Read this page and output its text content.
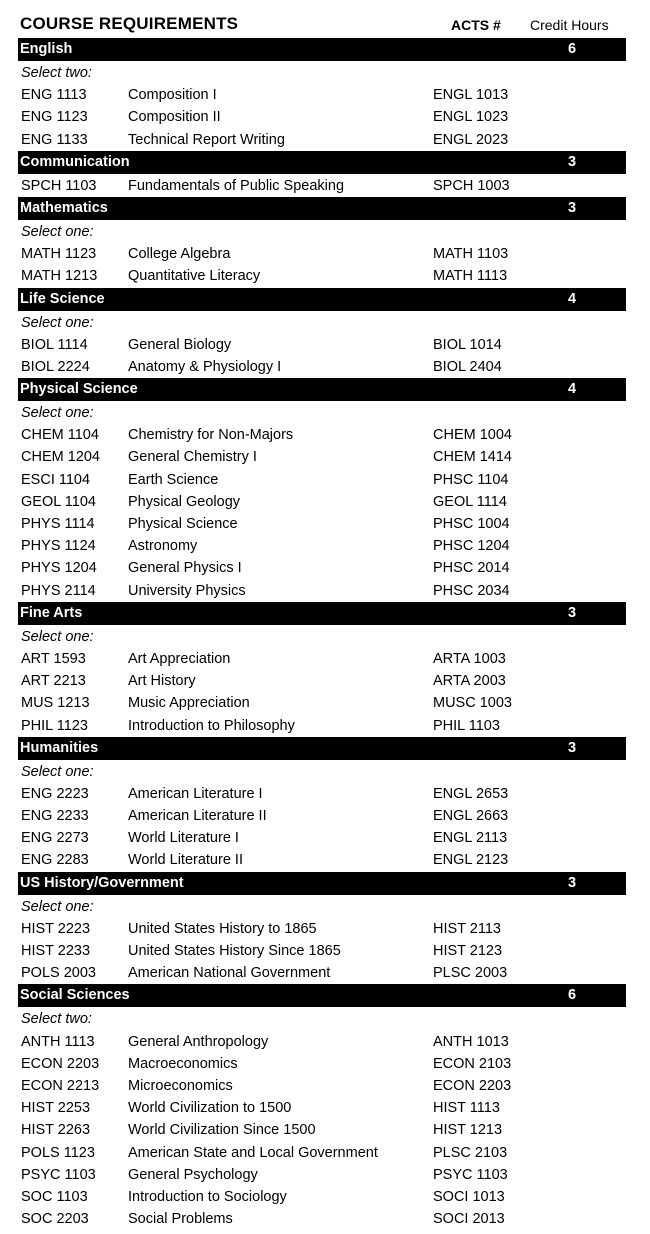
COURSE REQUIREMENTS	ACTS # Credit Hours
English	6
Select two:
ENG 1113	Composition I	ENGL 1013
ENG 1123	Composition II	ENGL 1023
ENG 1133	Technical Report Writing	ENGL 2023
Communication	3
SPCH 1103 Fundamentals of Public Speaking	SPCH 1003
Mathematics	3
Select one:
MATH 1123 College Algebra	MATH 1103
MATH 1213 Quantitative Literacy	MATH 1113
Life Science	4
Select one:
BIOL 1114	General Biology	BIOL 1014
BIOL 2224	Anatomy & Physiology I	BIOL 2404
Physical Science	4
Select one:
CHEM 1104 Chemistry for Non-Majors	CHEM 1004
CHEM 1204 General Chemistry I	CHEM 1414
ESCI 1104	Earth Science	PHSC 1104
GEOL 1104 Physical Geology	GEOL 1114
PHYS 1114 Physical Science	PHSC 1004
PHYS 1124 Astronomy	PHSC 1204
PHYS 1204 General Physics I	PHSC 2014
PHYS 2114 University Physics	PHSC 2034
Fine Arts	3
Select one:
ART 1593	Art Appreciation	ARTA 1003
ART 2213	Art History	ARTA 2003
MUS 1213	Music Appreciation	MUSC 1003
PHIL 1123	Introduction to Philosophy	PHIL 1103
Humanities	3
Select one:
ENG 2223	American Literature I	ENGL 2653
ENG 2233	American Literature II	ENGL 2663
ENG 2273	World Literature I	ENGL 2113
ENG 2283	World Literature II	ENGL 2123
US History/Government	3
Select one:
HIST 2223	United States History to 1865	HIST 2113
HIST 2233	United States History Since 1865	HIST 2123
POLS 2003 American National Government	PLSC 2003
Social Sciences	6
Select two:
ANTH 1113 General Anthropology	ANTH 1013
ECON 2203 Macroeconomics	ECON 2103
ECON 2213 Microeconomics	ECON 2203
HIST 2253	World Civilization to 1500	HIST 1113
HIST 2263	World Civilization Since 1500	HIST 1213
POLS 1123 American State and Local Government	PLSC 2103
PSYC 1103 General Psychology	PSYC 1103
SOC 1103	Introduction to Sociology	SOCI 1013
SOC 2203	Social Problems	SOCI 2013
